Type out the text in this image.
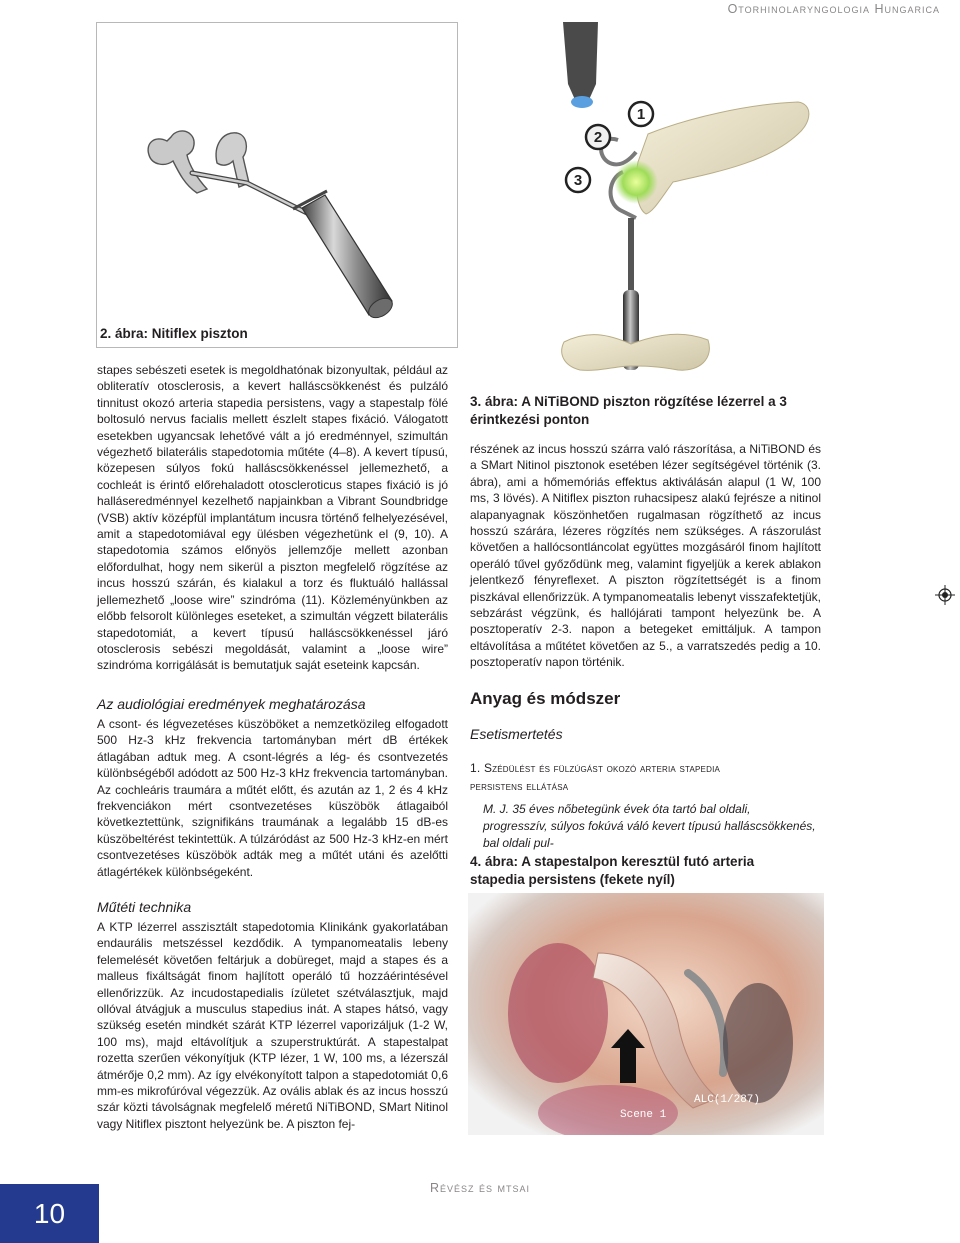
Otorhinolaryngologia Hungarica
2. ábra: Nitiflex piszton
1
2
3
3. ábra: A NiTiBOND piszton rögzítése lézerrel a 3 érintkezési ponton

stapes sebészeti esetek is megoldhatónak bizonyultak, például az obliteratív otosclerosis, a kevert halláscsökkenést és pulzáló tinnitust okozó arteria stapedia persistens, vagy a stapestalp fölé boltosuló nervus facialis mellett észlelt stapes fixáció. Válogatott esetekben ugyancsak lehetővé vált a jó eredménnyel, szimultán végezhető bilaterális stapedotomia műtéte (4–8). A kevert típusú, közepesen súlyos fokú halláscsökkenéssel jellemezhető, a cochleát is érintő előrehaladott otoscleroticus stapes fixáció is jó halláseredménnyel kezelhető napjainkban a Vibrant Soundbridge (VSB) aktív középfül implantátum incusra történő felhelyezésével, amit a stapedotomiával egy ülésben végezhetünk el (9, 10). A stapedotomia számos előnyös jellemzője mellett azonban előfordulhat, hogy nem sikerül a piszton megfelelő rögzítése az incus hosszú szárán, és kialakul a torz és fluktuáló hallással jellemezhető „loose wire” szindróma (11). Közleményünkben az előbb felsorolt különleges eseteket, a szimultán végzett bilaterális stapedotomiát, a kevert típusú halláscsökkenéssel járó otosclerosis sebészi megoldását, valamint a „loose wire” szindróma korrigálását is bemutatjuk saját eseteink kapcsán.

Az audiológiai eredmények meghatározása
A csont- és légvezetéses küszöböket a nemzetközileg elfogadott 500 Hz-3 kHz frekvencia tartományban mért dB értékek átlagában adtuk meg. A csont-légrés a lég- és csontvezetés különbségéből adódott az 500 Hz-3 kHz frekvencia tartományban. Az cochleáris traumára a műtét előtt, és azután az 1, 2 és 4 kHz frekvenciákon mért csontvezetéses küszöbök átlagaiból következtettünk, szignifikáns traumának a legalább 15 dB-es küszöbeltérést tekintettük. A túlzáródást az 500 Hz-3 kHz-en mért csontvezetéses küszöbök adták meg a műtét utáni és azelőtti átlagértékek különbségeként.
Műtéti technika
A KTP lézerrel asszisztált stapedotomia Klinikánk gyakorlatában endaurális metszéssel kezdődik. A tympanomeatalis lebeny felemelését követően feltárjuk a dobüreget, majd a stapes és a malleus fixáltságát finom hajlított operáló tű hozzáérintésével ellenőrizzük. Az incudostapedialis ízületet szétválasztjuk, majd ollóval átvágjuk a musculus stapedius inát. A stapes hátsó, vagy szükség esetén mindkét szárát KTP lézerrel vaporizáljuk (1-2 W, 100 ms), majd eltávolítjuk a szuperstruktúrát. A stapestalpat rozetta szerűen vékonyítjuk (KTP lézer, 1 W, 100 ms, a lézerszál átmérője 0,2 mm). Az így elvékonyított talpon a stapedotomiát 0,6 mm-es mikrofúróval végezzük. Az ovális ablak és az incus hosszú szár közti távolságnak megfelelő méretű NiTiBOND, SMart Nitinol vagy Nitiflex pisztont helyezünk be. A piszton fej-
részének az incus hosszú szárra való rászorítása, a NiTiBOND és a SMart Nitinol pisztonok esetében lézer segítségével történik (3. ábra), ami a hőmemóriás effektus aktiválásán alapul (1 W, 100 ms, 3 lövés). A Nitiflex piszton ruhacsipesz alakú fejrésze a nitinol alapanyagnak köszönhetően rugalmasan rögzíthető az incus hosszú szárára, lézeres rögzítés nem szükséges. A rászorulást követően a hallócsontláncolat együttes mozgásáról finom hajlított operáló tűvel győződünk meg, valamint figyeljük a kerek ablakon jelentkező fényreflexet. A piszton rögzítettségét is a finom piszkával ellenőrizzük. A tympanomeatalis lebenyt visszafektetjük, sebzárást végzünk, és hallójárati tampont helyezünk be. A posztoperatív 2-3. napon a betegeket emittáljuk. A tampon eltávolítása a műtétet követően az 5., a varratszedés pedig a 10. posztoperatív napon történik.
Anyag és módszer
Esetismertetés
1. Szédülést és fülzúgást okozó arteria stapedia
persistens ellátása
M. J. 35 éves nőbetegünk évek óta tartó bal oldali, progresszív, súlyos fokúvá váló kevert típusú halláscsökkenés, bal oldali pul-
4. ábra: A stapestalpon keresztül futó arteria stapedia persistens (fekete nyíl)
Scene 1
ALC(1/287)
10
Révész és mtsai
